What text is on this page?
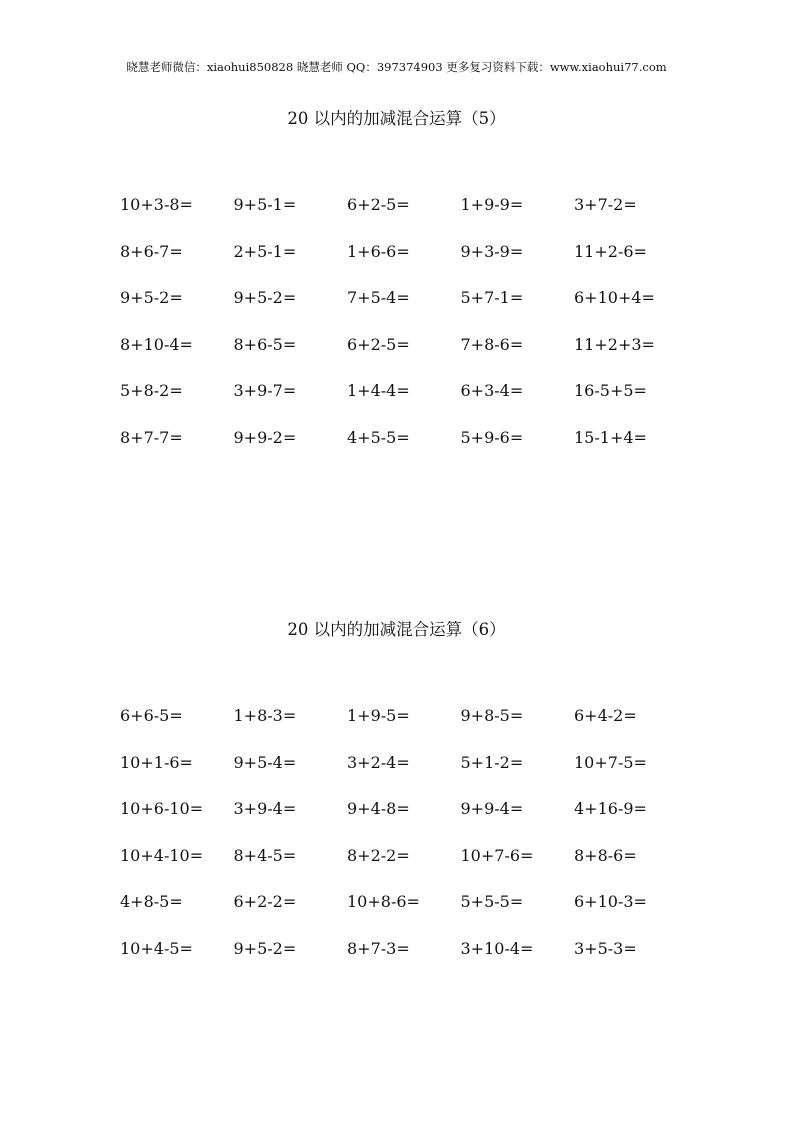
晓慧老师微信：xiaohui850828 晓慧老师 QQ：397374903 更多复习资料下载：www.xiaohui77.com
20 以内的加减混合运算（5）
10+3-8=	9+5-1=	6+2-5=	1+9-9=	3+7-2=
8+6-7=	2+5-1=	1+6-6=	9+3-9=	11+2-6=
9+5-2=	9+5-2=	7+5-4=	5+7-1=	6+10+4=
8+10-4=	8+6-5=	6+2-5=	7+8-6=	11+2+3=
5+8-2=	3+9-7=	1+4-4=	6+3-4=	16-5+5=
8+7-7=	9+9-2=	4+5-5=	5+9-6=	15-1+4=
20 以内的加减混合运算（6）
6+6-5=	1+8-3=	1+9-5=	9+8-5=	6+4-2=
10+1-6=	9+5-4=	3+2-4=	5+1-2=	10+7-5=
10+6-10=	3+9-4=	9+4-8=	9+9-4=	4+16-9=
10+4-10=	8+4-5=	8+2-2=	10+7-6=	8+8-6=
4+8-5=	6+2-2=	10+8-6=	5+5-5=	6+10-3=
10+4-5=	9+5-2=	8+7-3=	3+10-4=	3+5-3=
